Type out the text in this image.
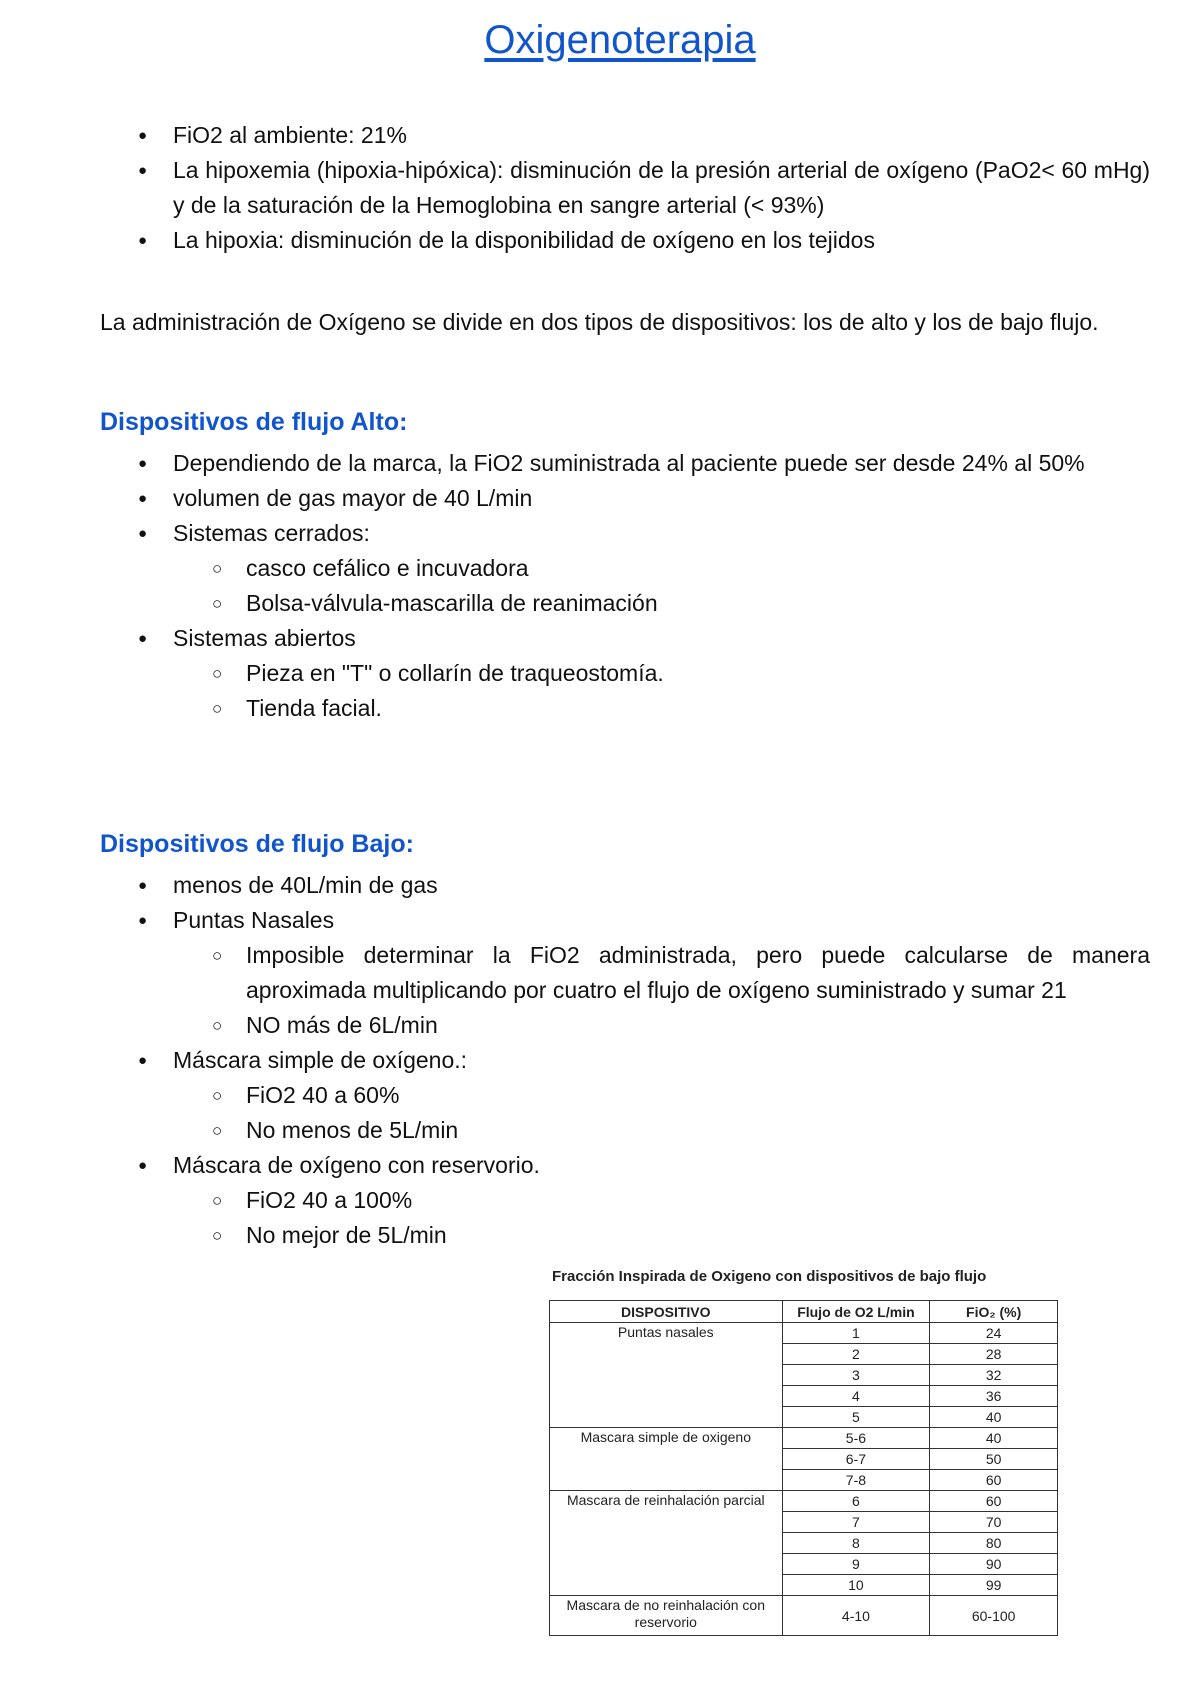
Oxigenoterapia
● FiO2 al ambiente: 21%
● La hipoxemia (hipoxia-hipóxica): disminución de la presión arterial de oxígeno (PaO2< 60 mHg) y de la saturación de la Hemoglobina en sangre arterial (< 93%)
● La hipoxia: disminución de la disponibilidad de oxígeno en los tejidos
La administración de Oxígeno se divide en dos tipos de dispositivos: los de alto y los de bajo flujo.
Dispositivos de flujo Alto:
● Dependiendo de la marca, la FiO2 suministrada al paciente puede ser desde 24% al 50%
● volumen de gas mayor de 40 L/min
● Sistemas cerrados:
○ casco cefálico e incuvadora
○ Bolsa-válvula-mascarilla de reanimación
● Sistemas abiertos
○ Pieza en "T" o collarín de traqueostomía.
○ Tienda facial.
Dispositivos de flujo Bajo:
● menos de 40L/min de gas
● Puntas Nasales
○ Imposible determinar la FiO2 administrada, pero puede calcularse de manera aproximada multiplicando por cuatro el flujo de oxígeno suministrado y sumar 21
○ NO más de 6L/min
● Máscara simple de oxígeno.:
○ FiO2 40 a 60%
○ No menos de 5L/min
● Máscara de oxígeno con reservorio.
○ FiO2 40 a 100%
○ No mejor de 5L/min
Fracción Inspirada de Oxigeno con dispositivos de bajo flujo
DISPOSITIVO	Flujo de O2 L/min	FiO₂ (%)
Puntas nasales	1	24
	2	28
	3	32
	4	36
	5	40
Mascara simple de oxigeno	5-6	40
	6-7	50
	7-8	60
Mascara de reinhalación parcial	6	60
	7	70
	8	80
	9	90
	10	99
Mascara de no reinhalación con reservorio	4-10	60-100
